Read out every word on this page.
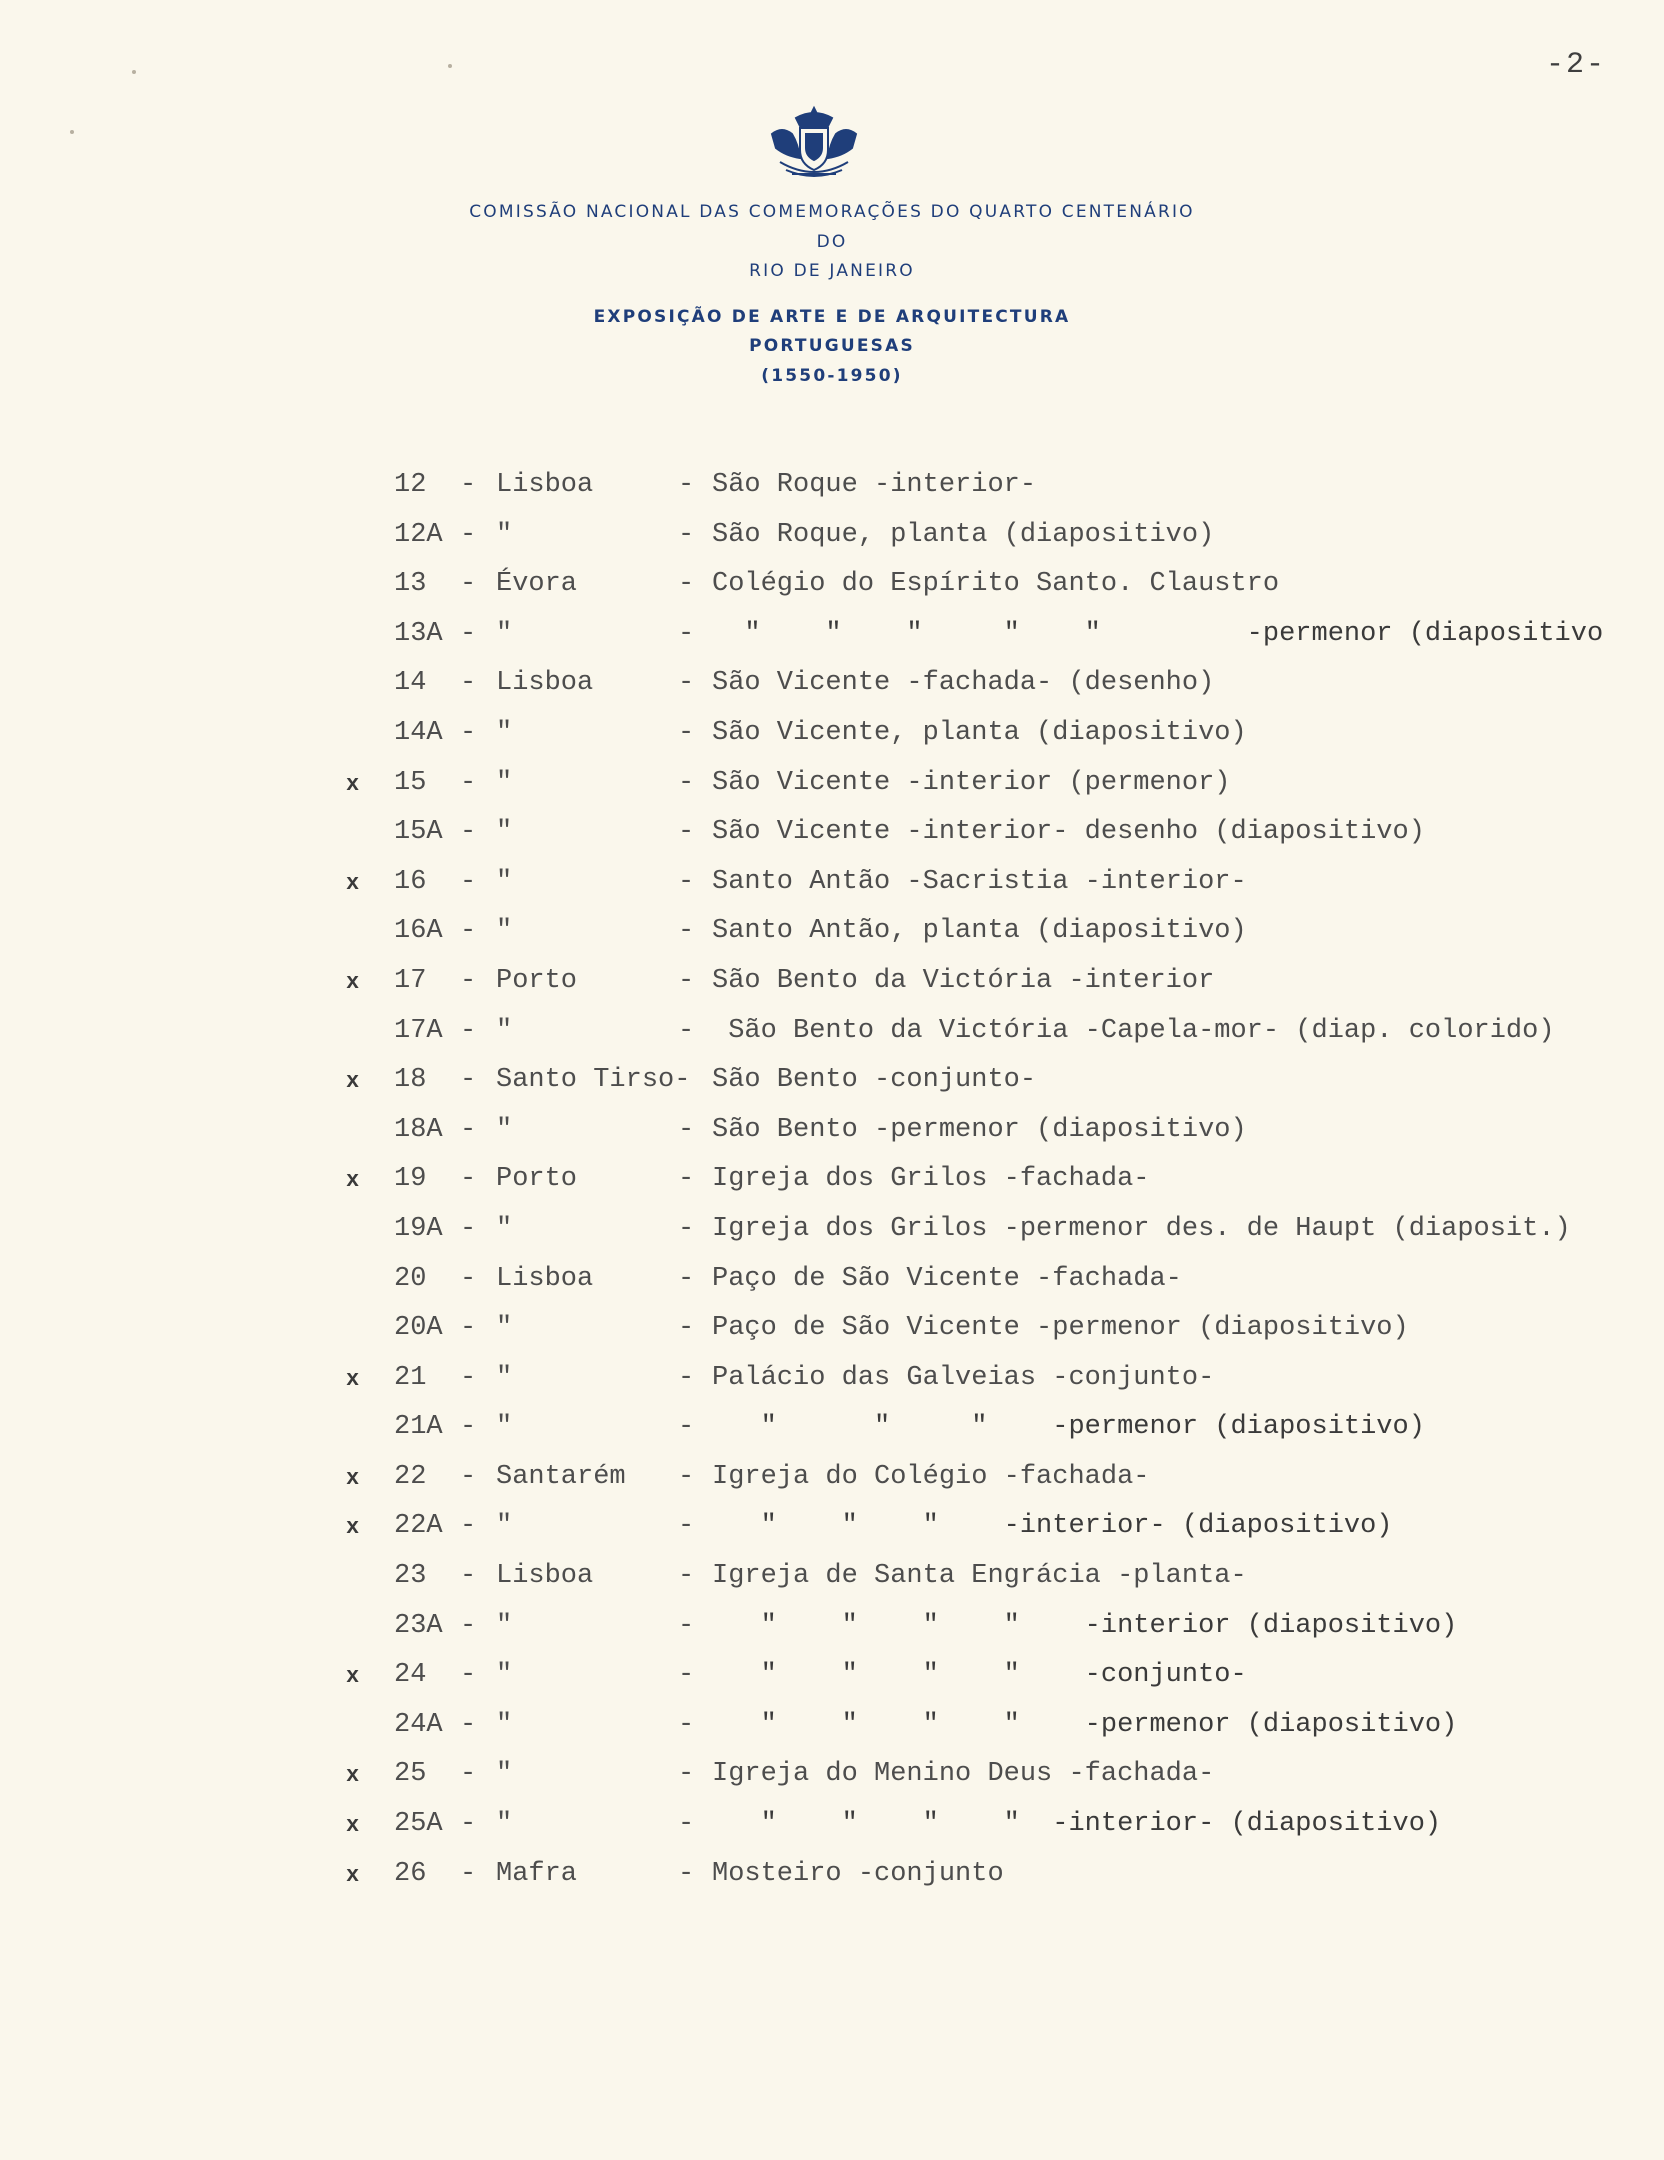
-2-
COMISSÃO NACIONAL DAS COMEMORAÇÕES DO QUARTO CENTENÁRIO
DO
RIO DE JANEIRO
EXPOSIÇÃO DE ARTE E DE ARQUITECTURA
PORTUGUESAS
(1550-1950)
12 - Lisboa	- São Roque -interior-
12A - "	- São Roque, planta (diapositivo)
13 - Évora	- Colégio do Espírito Santo. Claustro
13A - "	- "    "    "     "    "         -permenor (diapositivo
14 - Lisboa	- São Vicente -fachada- (desenho)
14A - "	- São Vicente, planta (diapositivo)
x 15 - "	- São Vicente -interior (permenor)
15A - "	- São Vicente -interior- desenho (diapositivo)
x 16 - "	- Santo Antão -Sacristia -interior-
16A - "	- Santo Antão, planta (diapositivo)
x 17 - Porto	- São Bento da Victória -interior
17A - "	- São Bento da Victória -Capela-mor- (diap. colorido)
x 18 - Santo Tirso- São Bento -conjunto-
18A - "	- São Bento -permenor (diapositivo)
x 19 - Porto	- Igreja dos Grilos -fachada-
19A - "	- Igreja dos Grilos -permenor des. de Haupt (diaposit.)
20 - Lisboa	- Paço de São Vicente -fachada-
20A - "	- Paço de São Vicente -permenor (diapositivo)
x 21 - "	- Palácio das Galveias -conjunto-
21A - "	- "      "     "    -permenor (diapositivo)
x 22 - Santarém - Igreja do Colégio -fachada-
x 22A - "	- "    "    "    -interior- (diapositivo)
23 - Lisboa	- Igreja de Santa Engrácia -planta-
23A - "	- "    "    "    "    -interior (diapositivo)
x 24 - "	- "    "    "    "    -conjunto-
24A - "	- "    "    "    "    -permenor (diapositivo)
x 25 - "	- Igreja do Menino Deus -fachada-
x 25A - "	- "    "    "    "  -interior- (diapositivo)
x 26 - Mafra	- Mosteiro -conjunto
